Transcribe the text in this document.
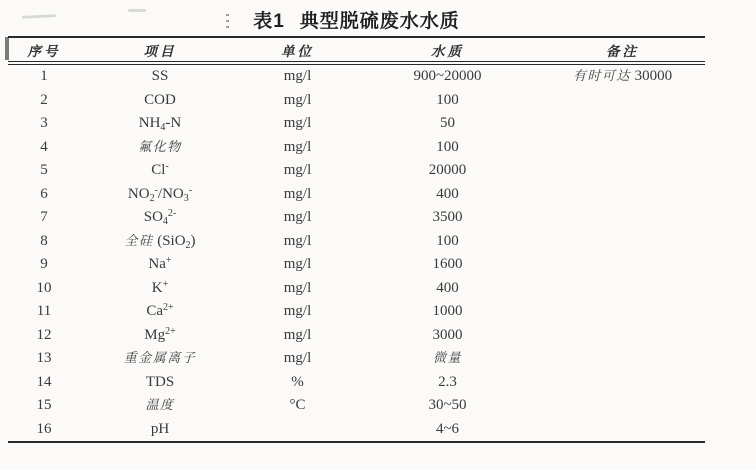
表1 典型脱硫废水水质
序号	项目	单位	水质	备注
1	SS	mg/l	900~20000	有时可达 30000
2	COD	mg/l	100	
3	$NH_4-N$	mg/l	50	
4	氟化物	mg/l	100	
5	Cl-	mg/l	20000	
6	$NO_2^-/NO_3^-$	mg/l	400	
7	$SO_4^{2-}$	mg/l	3500	
8	全硅 (SiO$_2$)	mg/l	100	
9	Na+	mg/l	1600	
10	K+	mg/l	400	
11	$Ca^{2+}$	mg/l	1000	
12	$Mg^{2+}$	mg/l	3000	
13	重金属离子	mg/l	微量	
14	TDS	%	2.3	
15	温度	°C	30~50	
16	pH		4~6	
